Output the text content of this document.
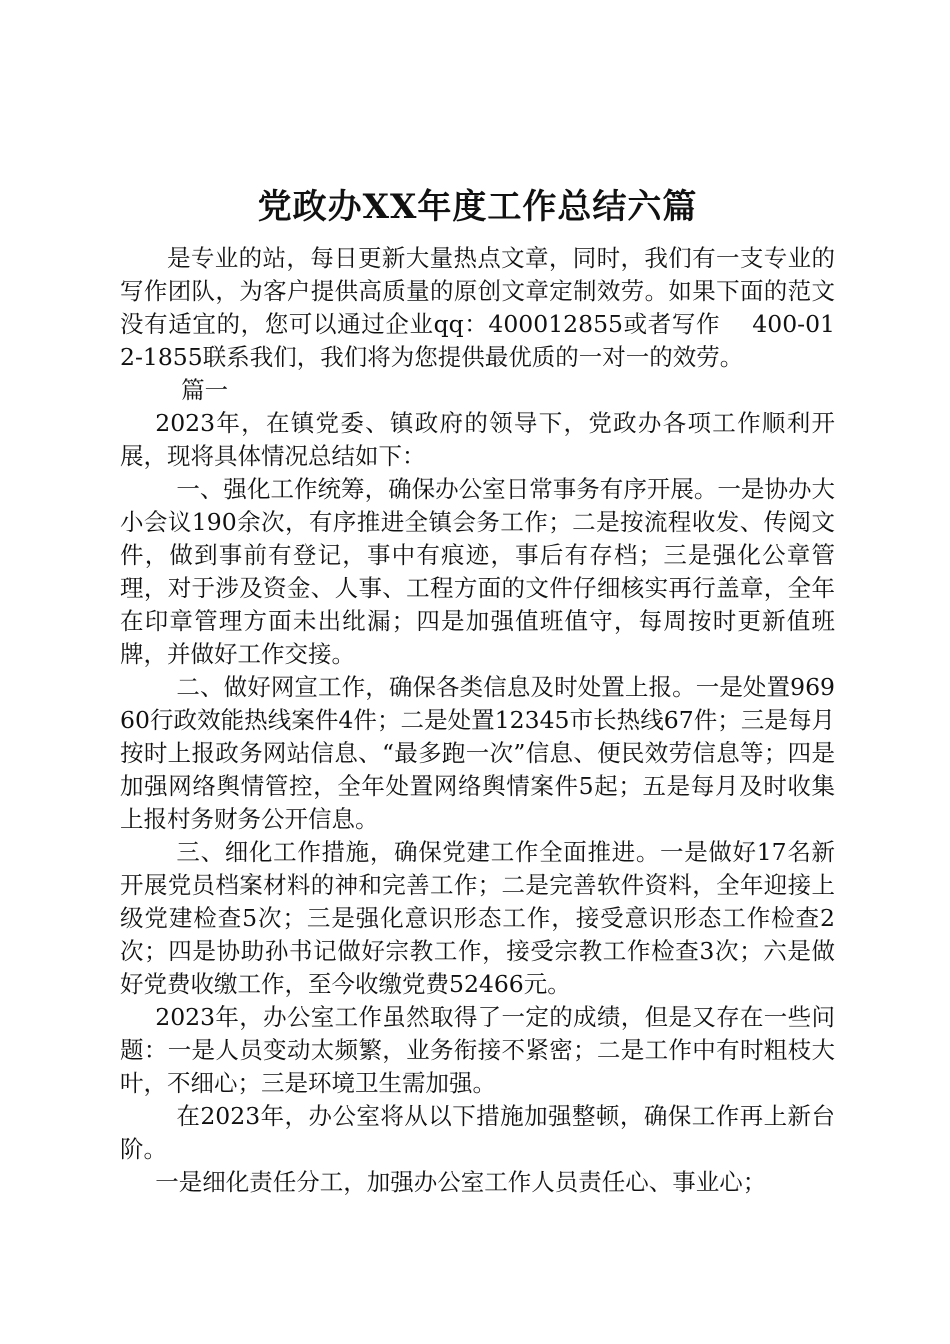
党政办XX年度工作总结六篇

是专业的站，每日更新大量热点文章，同时，我们有一支专业的写作团队，为客户提供高质量的原创文章定制效劳。如果下面的范文没有适宜的，您可以通过企业qq：400012855或者写作　 400-012-1855联系我们，我们将为您提供最优质的一对一的效劳。

篇一

2023年，在镇党委、镇政府的领导下，党政办各项工作顺利开展，现将具体情况总结如下：

一、强化工作统筹，确保办公室日常事务有序开展。一是协办大小会议190余次，有序推进全镇会务工作；二是按流程收发、传阅文件，做到事前有登记，事中有痕迹，事后有存档；三是强化公章管理，对于涉及资金、人事、工程方面的文件仔细核实再行盖章，全年在印章管理方面未出纰漏；四是加强值班值守，每周按时更新值班牌，并做好工作交接。

二、做好网宣工作，确保各类信息及时处置上报。一是处置96960行政效能热线案件4件；二是处置12345市长热线67件；三是每月按时上报政务网站信息、“最多跑一次”信息、便民效劳信息等；四是加强网络舆情管控，全年处置网络舆情案件5起；五是每月及时收集上报村务财务公开信息。

三、细化工作措施，确保党建工作全面推进。一是做好17名新开展党员档案材料的神和完善工作；二是完善软件资料，全年迎接上级党建检查5次；三是强化意识形态工作，接受意识形态工作检查2次；四是协助孙书记做好宗教工作，接受宗教工作检查3次；六是做好党费收缴工作，至今收缴党费52466元。

2023年，办公室工作虽然取得了一定的成绩，但是又存在一些问题：一是人员变动太频繁，业务衔接不紧密；二是工作中有时粗枝大叶，不细心；三是环境卫生需加强。

在2023年，办公室将从以下措施加强整顿，确保工作再上新台阶。

一是细化责任分工，加强办公室工作人员责任心、事业心；
